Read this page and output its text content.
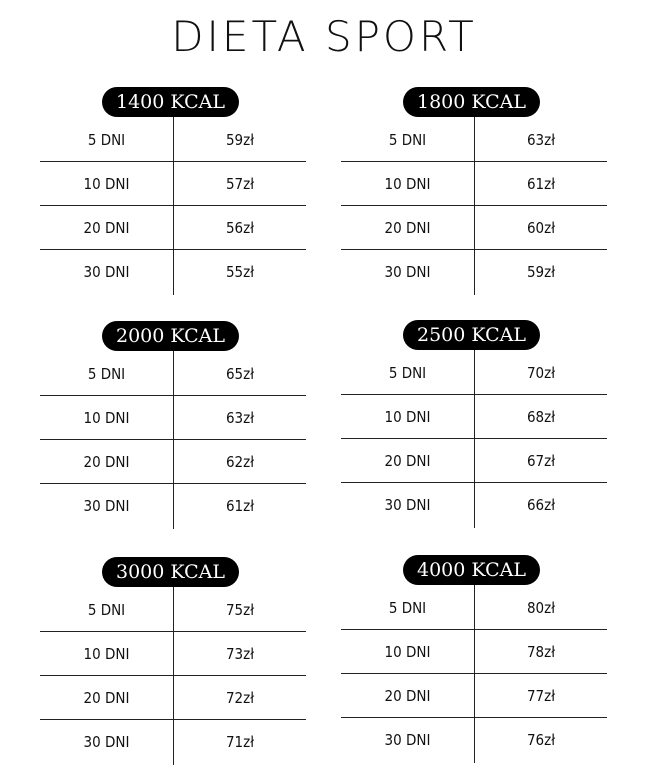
DIETA SPORT
1400 KCAL
5 DNI	59zł
10 DNI	57zł
20 DNI	56zł
30 DNI	55zł
1800 KCAL
5 DNI	63zł
10 DNI	61zł
20 DNI	60zł
30 DNI	59zł
2000 KCAL
5 DNI	65zł
10 DNI	63zł
20 DNI	62zł
30 DNI	61zł
2500 KCAL
5 DNI	70zł
10 DNI	68zł
20 DNI	67zł
30 DNI	66zł
3000 KCAL
5 DNI	75zł
10 DNI	73zł
20 DNI	72zł
30 DNI	71zł
4000 KCAL
5 DNI	80zł
10 DNI	78zł
20 DNI	77zł
30 DNI	76zł
